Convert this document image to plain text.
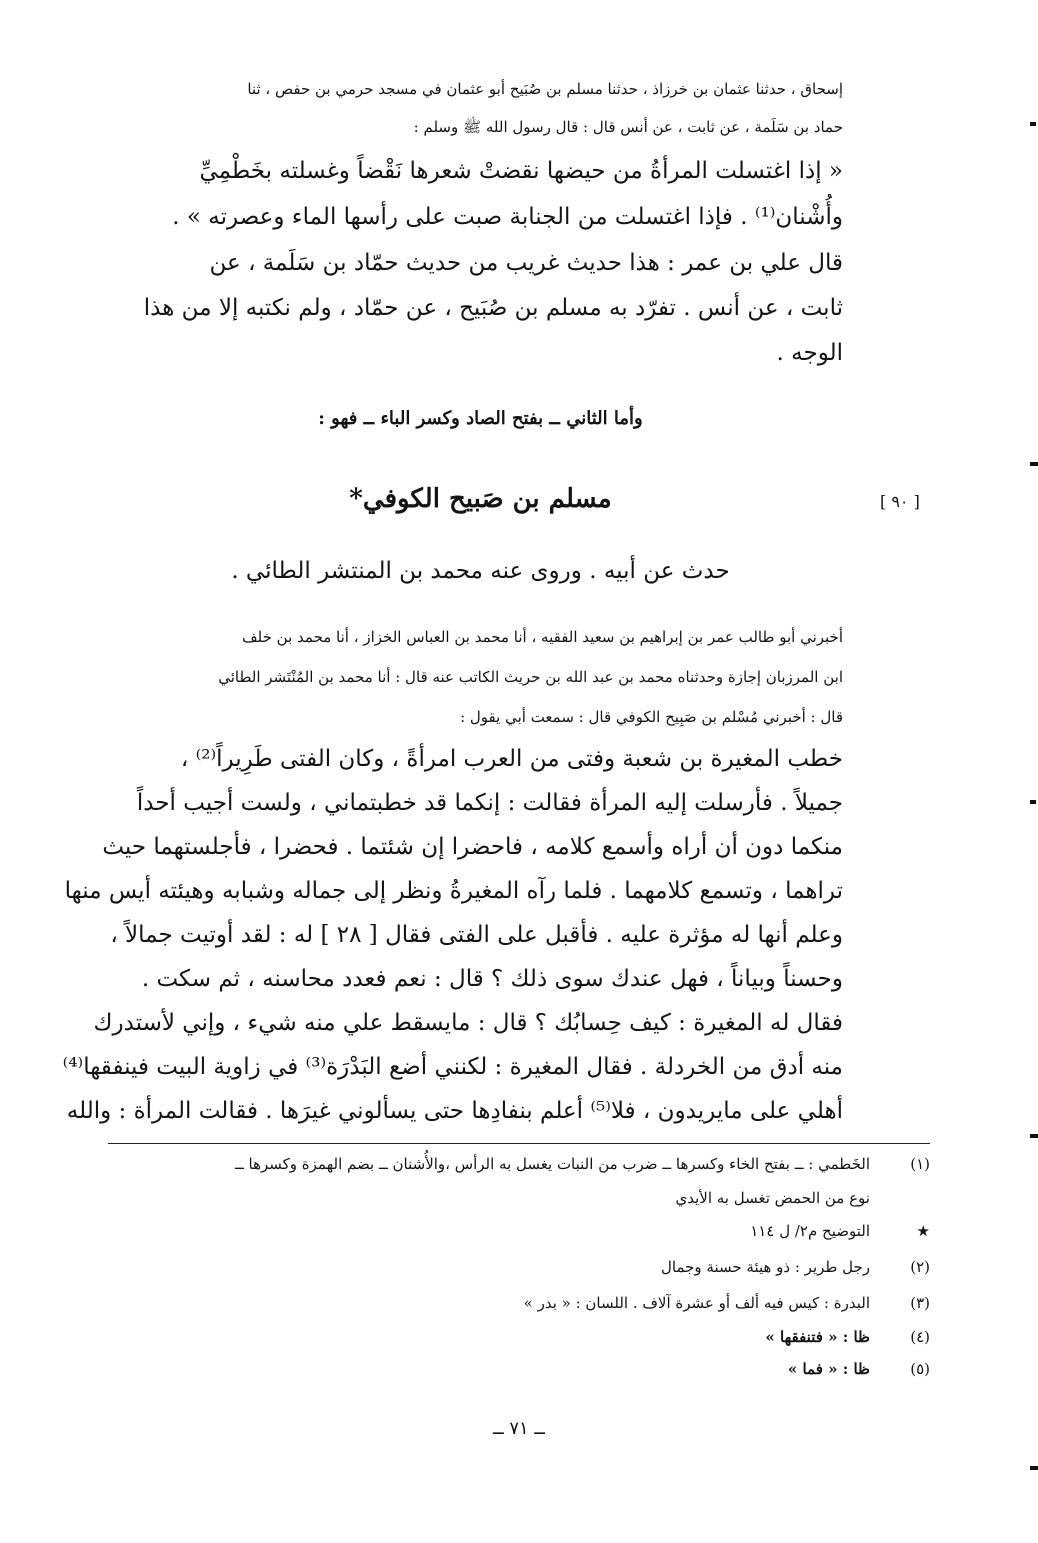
إسحاق ، حدثنا عثمان بن خرزاذ ، حدثنا مسلم بن صُبَيح أبو عثمان في مسجد حرمي بن حفص ، ثنا
حماد بن سَلَمة ، عن ثابت ، عن أنس قال : قال رسول الله ﷺ وسلم :
« إذا اغتسلت المرأةُ من حيضها نقضتْ شعرها نَقْضاً وغسلته بخَطْمِيِّ
وأُشْنان⁽¹⁾ . فإذا اغتسلت من الجنابة صبت على رأسها الماء وعصرته » .
قال علي بن عمر : هذا حديث غريب من حديث حمّاد بن سَلَمة ، عن
ثابت ، عن أنس . تفرّد به مسلم بن صُبَيح ، عن حمّاد ، ولم نكتبه إلا من هذا
الوجه .
وأما الثاني ــ بفتح الصاد وكسر الباء ــ فهو :
[ ٩٠ ]
مسلم بن صَبيح الكوفي*
حدث عن أبيه . وروى عنه محمد بن المنتشر الطائي .
أخبرني أبو طالب عمر بن إبراهيم بن سعيد الفقيه ، أنا محمد بن العباس الخزاز ، أنا محمد بن خلف
ابن المرزبان إجازة وحدثناه محمد بن عبد الله بن حريث الكاتب عنه قال : أنا محمد بن المُنْتَشر الطائي
قال : أخبرني مُسْلم بن صَبِيح الكوفي قال : سمعت أبي يقول :
خطب المغيرة بن شعبة وفتى من العرب امرأةً ، وكان الفتى طَرِيراً⁽²⁾ ،
جميلاً . فأرسلت إليه المرأة فقالت : إنكما قد خطبتماني ، ولست أجيب أحداً
منكما دون أن أراه وأسمع كلامه ، فاحضرا إن شئتما . فحضرا ، فأجلستهما حيث
تراهما ، وتسمع كلامهما . فلما رآه المغيرةُ ونظر إلى جماله وشبابه وهيئته أيس منها
وعلم أنها له مؤثرة عليه . فأقبل على الفتى فقال [ ٢٨ ] له : لقد أوتيت جمالاً ،
وحسناً وبياناً ، فهل عندك سوى ذلك ؟ قال : نعم فعدد محاسنه ، ثم سكت .
فقال له المغيرة : كيف حِسابُك ؟ قال : مايسقط علي منه شيء ، وإني لأستدرك
منه أدق من الخردلة . فقال المغيرة : لكنني أضع البَدْرَة⁽³⁾ في زاوية البيت فينفقها⁽⁴⁾
أهلي على مايريدون ، فلا⁽⁵⁾ أعلم بنفادِها حتى يسألوني غيرَها . فقالت المرأة : والله
الخَطمي : ــ بفتح الخاء وكسرها ــ ضرب من النبات يغسل به الرأس ،والأُشنان ــ بضم الهمزة وكسرها ــ	(١)
نوع من الحمض تغسل به الأيدي
التوضيح م٢/ ل ١١٤	★
رجل طرير : ذو هيئة حسنة وجمال	(٢)
البدرة : كيس فيه ألف أو عشرة آلاف . اللسان : « بدر »	(٣)
ظا : « فتنفقها »	(٤)
ظا : « فما »	(٥)
ــ ٧١ ــ
